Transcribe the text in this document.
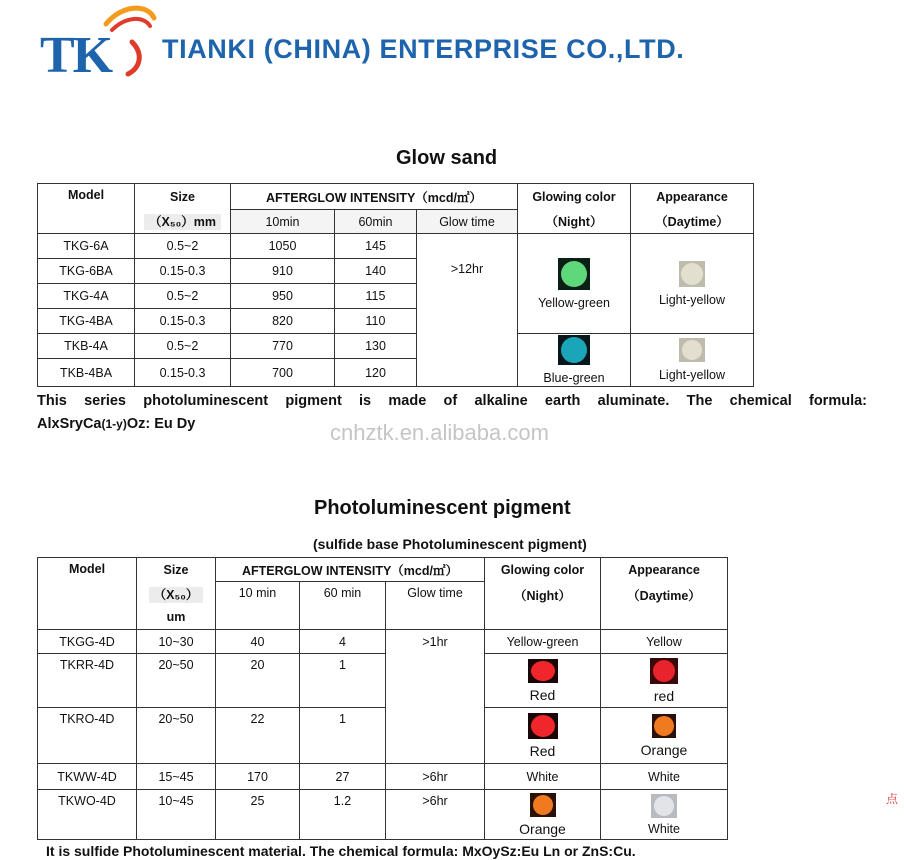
TK TIANKI (CHINA) ENTERPRISE CO.,LTD.
Glow sand
Model	Size	AFTERGLOW INTENSITY（mcd/㎡）			Glowing color	Appearance
	（X₅₀）mm	10min	60min	Glow time	（Night）	（Daytime）
TKG-6A	0.5~2	1050	145	>12hr	Yellow-green	Light-yellow

TKG-6BA	0.15-0.3	910	140			
TKG-4A	0.5~2	950	115			
TKG-4BA	0.15-0.3	820	110			
TKB-4A	0.5~2	770	130		Blue-green	Light-yellow

TKB-4BA	0.15-0.3	700	120			
This series photoluminescent pigment is made of alkaline earth aluminate. The chemical formula:
AlxSryCa(1-y)Oz: Eu Dy	cnhztk.en.alibaba.com
Photoluminescent pigment
(sulfide base Photoluminescent pigment)
Model	Size	AFTERGLOW INTENSITY（mcd/㎡）			Glowing color	Appearance
	（X₅₀）	10 min	60 min	Glow time	（Night）	（Daytime）
	um					
TKGG-4D	10~30	40	4	>1hr	Yellow-green	Yellow
TKRR-4D	20~50	20	1		Red	red

TKRO-4D	20~50	22	1		Red	Orange

TKWW-4D	15~45	170	27	>6hr	White	White
TKWO-4D	10~45	25	1.2	>6hr	Orange	White
It is sulfide Photoluminescent material. The chemical formula: MxOySz:Eu Ln or ZnS:Cu.
点
